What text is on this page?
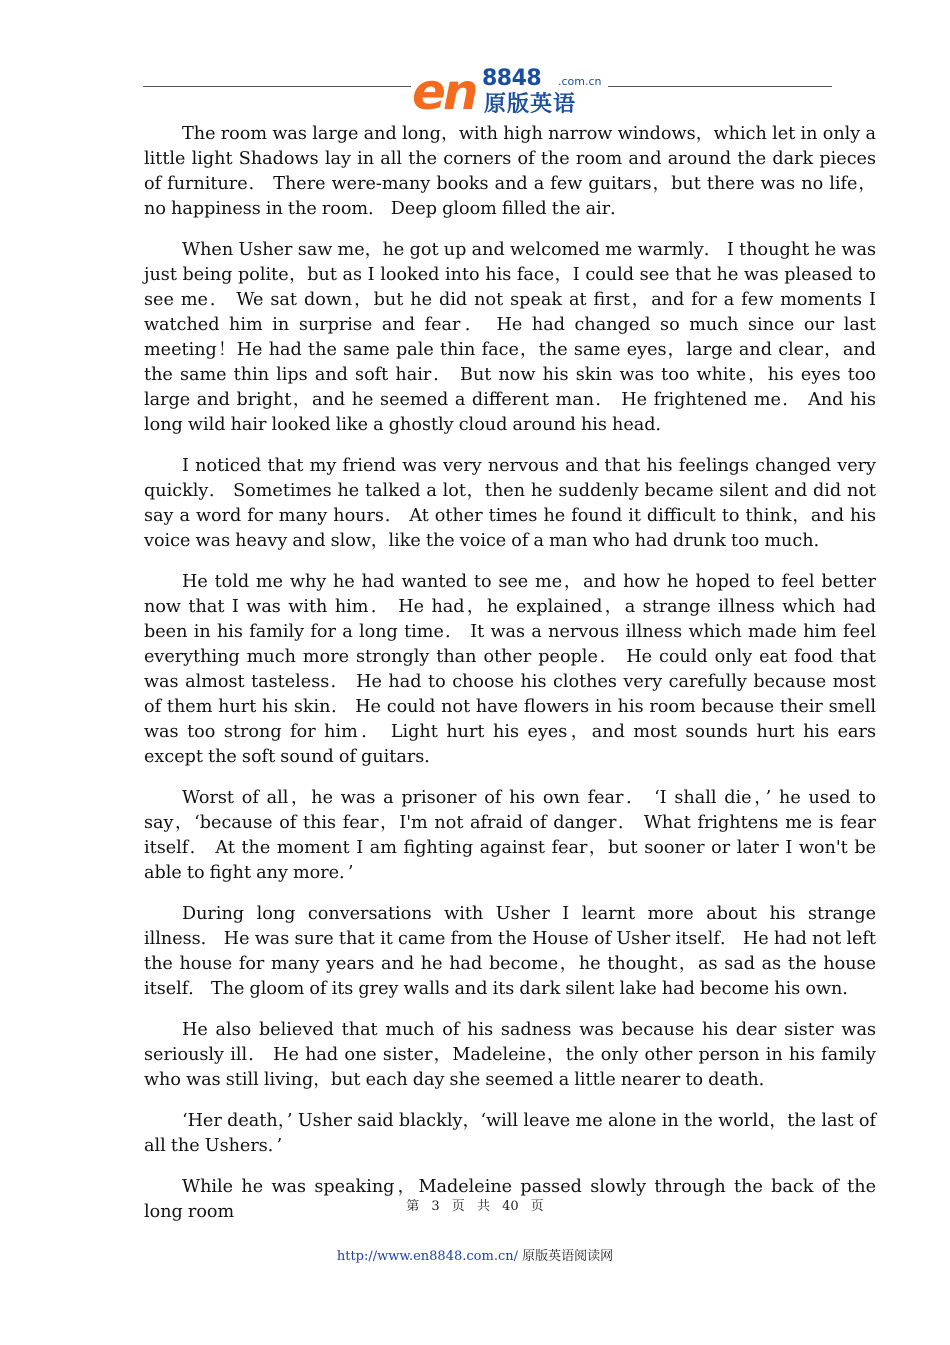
en 8848 .com.cn
原版英语

The room was large and long，with high narrow windows，which let in only a little light Shadows lay in all the corners of the room and around the dark pieces of furniture． There were-many books and a few guitars，but there was no life，no happiness in the room． Deep gloom filled the air．

When Usher saw me，he got up and welcomed me warmly． I thought he was just being polite，but as I looked into his face，I could see that he was pleased to see me． We sat down，but he did not speak at first，and for a few moments I watched him in surprise and fear． He had changed so much since our last meeting！He had the same pale thin face，the same eyes，large and clear，and the same thin lips and soft hair． But now his skin was too white，his eyes too large and bright，and he seemed a different man． He frightened me． And his long wild hair looked like a ghostly cloud around his head．

I noticed that my friend was very nervous and that his feelings changed very quickly． Sometimes he talked a lot，then he suddenly became silent and did not say a word for many hours． At other times he found it difficult to think，and his voice was heavy and slow，like the voice of a man who had drunk too much．

He told me why he had wanted to see me，and how he hoped to feel better now that I was with him． He had，he explained，a strange illness which had been in his family for a long time． It was a nervous illness which made him feel everything much more strongly than other people． He could only eat food that was almost tasteless． He had to choose his clothes very carefully because most of them hurt his skin． He could not have flowers in his room because their smell was too strong for him． Light hurt his eyes，and most sounds hurt his ears except the soft sound of guitars．

Worst of all，he was a prisoner of his own fear． ‘I shall die，’ he used to say，‘because of this fear，I'm not afraid of danger． What frightens me is fear itself． At the moment I am fighting against fear，but sooner or later I won't be able to fight any more．’

During long conversations with Usher I learnt more about his strange illness． He was sure that it came from the House of Usher itself． He had not left the house for many years and he had become，he thought，as sad as the house itself． The gloom of its grey walls and its dark silent lake had become his own．

He also believed that much of his sadness was because his dear sister was seriously ill． He had one sister，Madeleine，the only other person in his family who was still living，but each day she seemed a little nearer to death．

‘Her death，’ Usher said blackly，‘will leave me alone in the world，the last of all the Ushers．’

While he was speaking，Madeleine passed slowly through the back of the long room	第 3 页 共 40 页
http://www.en8848.com.cn/ 原版英语阅读网
